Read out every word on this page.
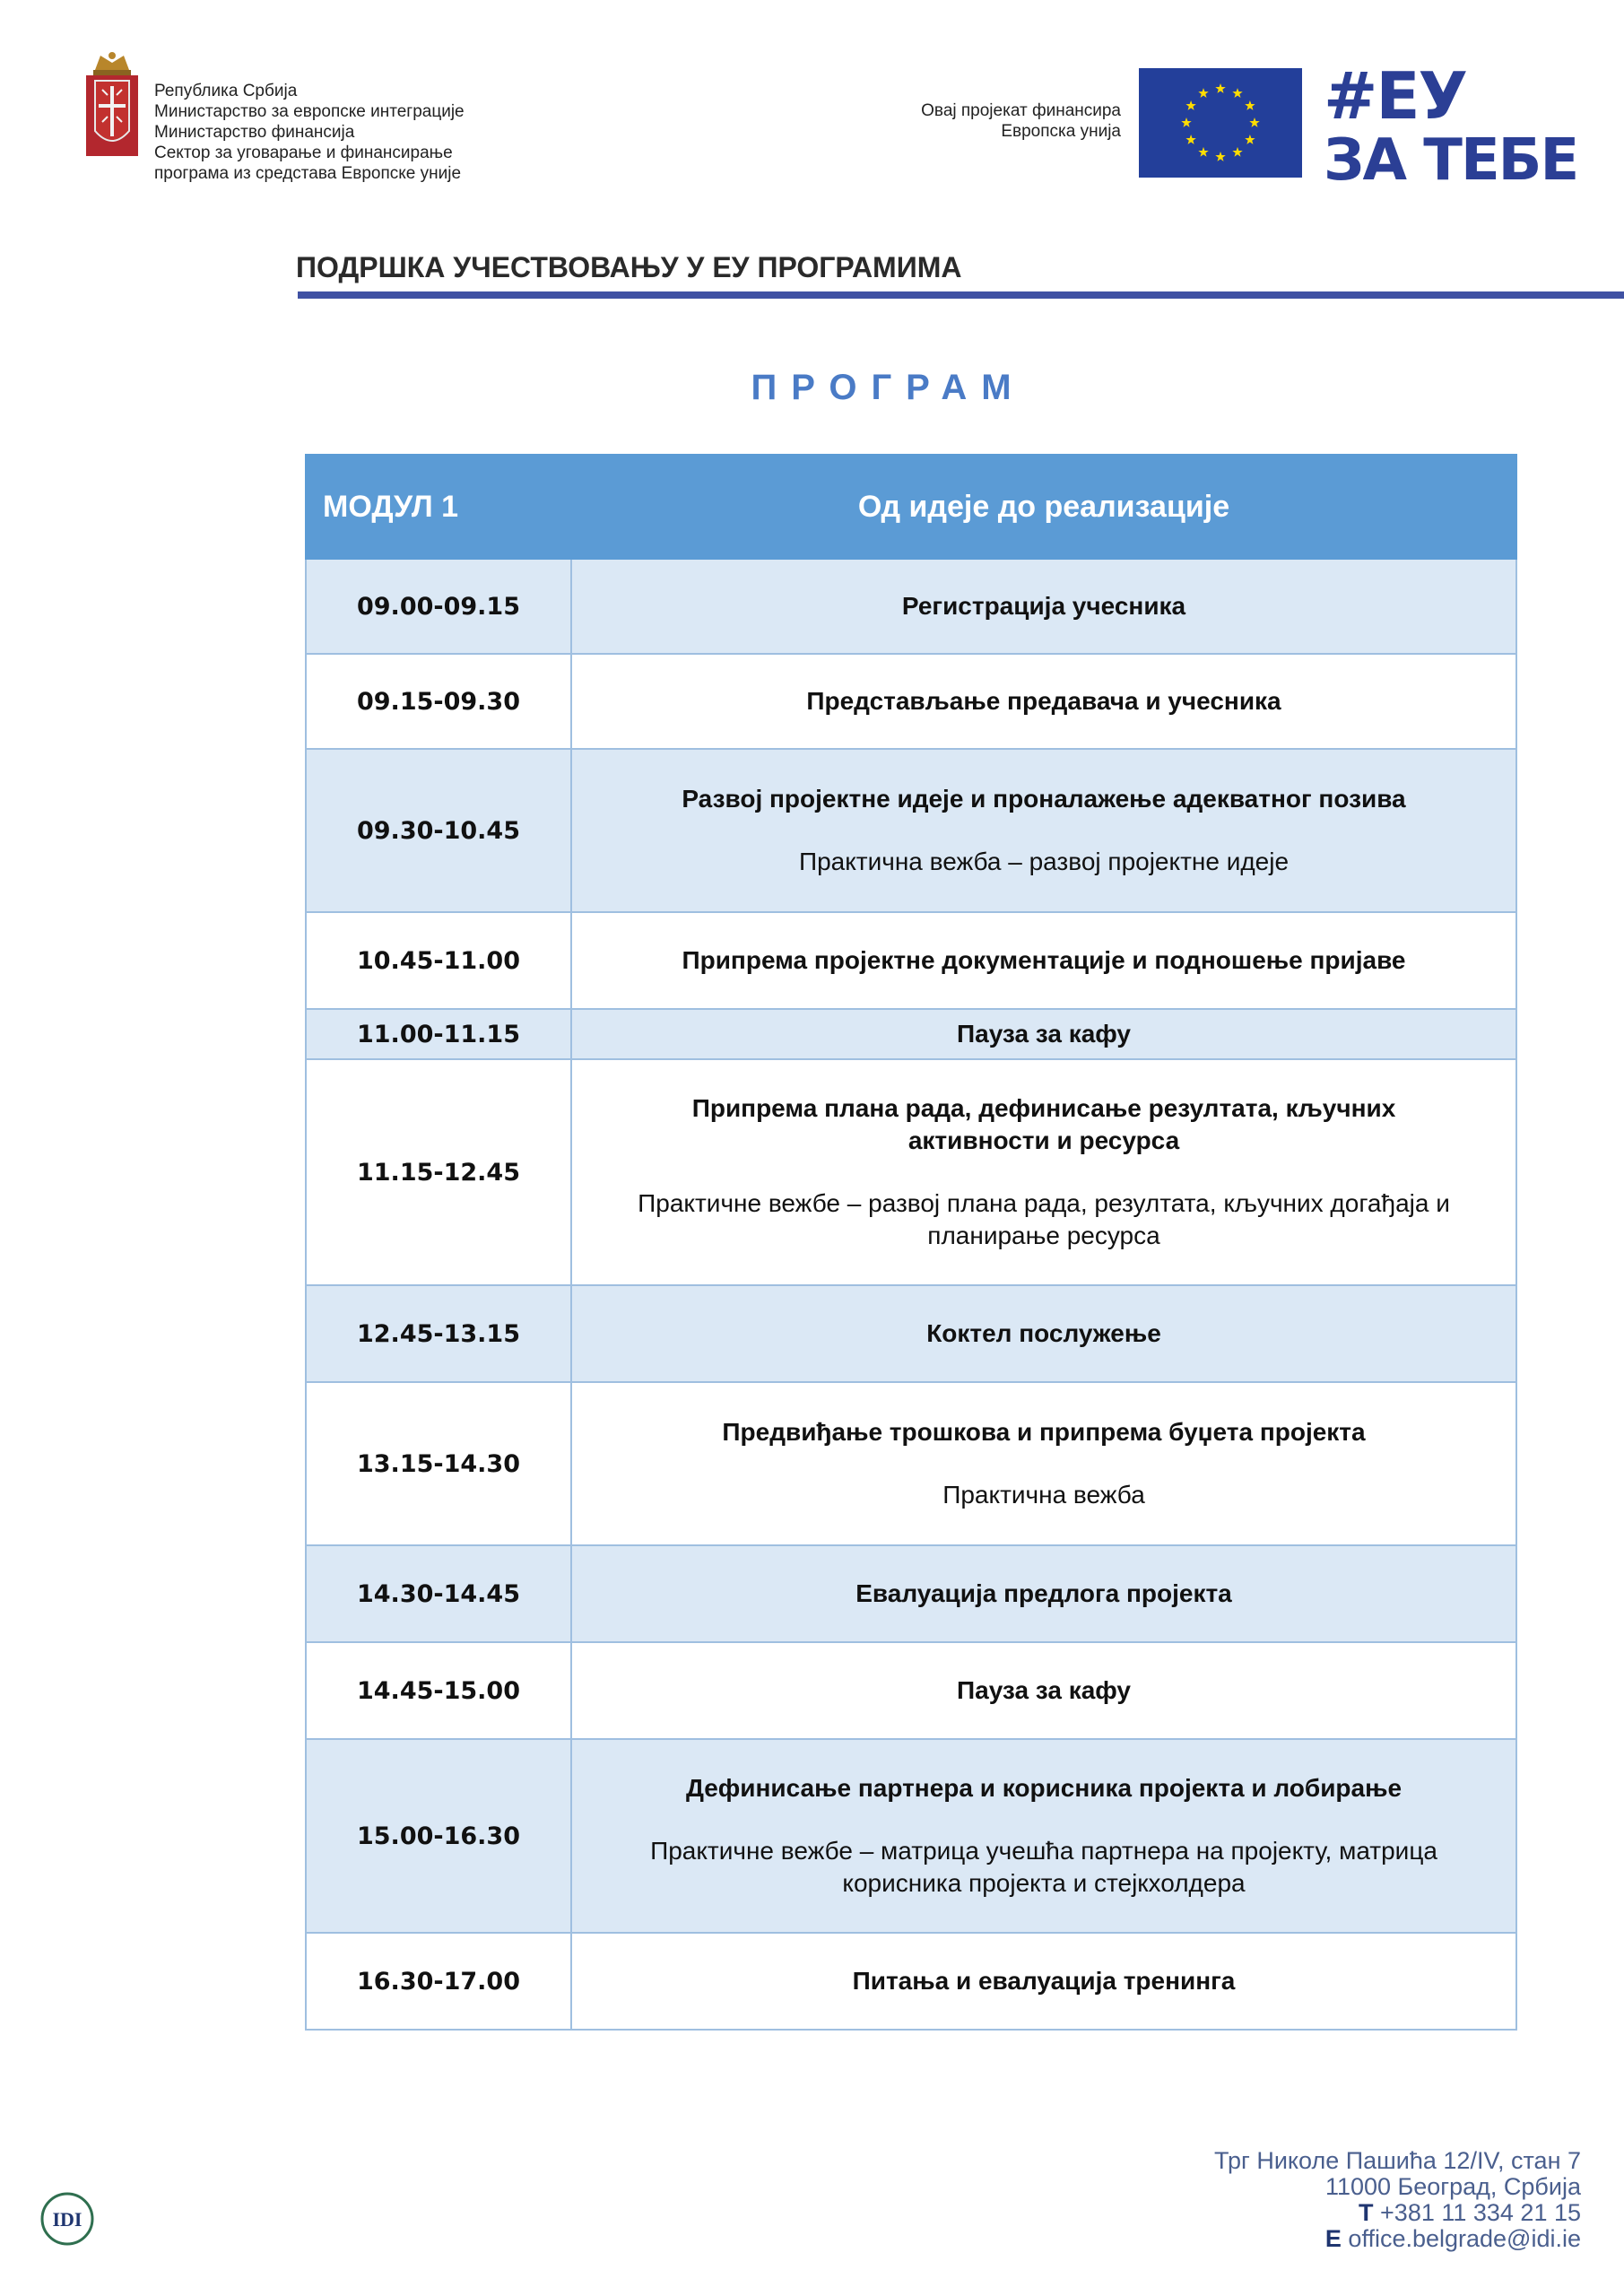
Република Србија
Министарство за европске интеграције
Министарство финансија
Сектор за уговарање и финансирање
програма из средстава Европске уније
Овај пројекат финансира
Европска унија	#ЕУ
ЗА ТЕБЕ
ПОДРШКА УЧЕСТВОВАЊУ У ЕУ ПРОГРАМИМА
ПРОГРАМ
МОДУЛ 1	Од идеје до реализације
09.00-09.15	Регистрација учесника

09.15-09.30	Представљање предавача и учесника

09.30-10.45	Развој пројектне идеје и проналажење адекватног позива
Практична вежба – развој пројектне идеје

10.45-11.00	Припрема пројектне документације и подношење пријаве

11.00-11.15	Пауза за кафу

11.15-12.45	Припрема плана рада, дефинисање резултата, кључних активности и ресурса
Практичне вежбе – развој плана рада, резултата, кључних догађаја и планирање ресурса

12.45-13.15	Коктел послужење

13.15-14.30	Предвиђање трошкова и припрема буџета пројекта
Практична вежба

14.30-14.45	Евалуација предлога пројекта

14.45-15.00	Пауза за кафу

15.00-16.30	Дефинисање партнера и корисника пројекта и лобирање
Практичне вежбе – матрица учешћа партнера на пројекту, матрица корисника пројекта и стејкхолдера

16.30-17.00	Питања и евалуација тренинга
IDI
Трг Николе Пашића 12/IV, стан 7
11000 Београд, Србија
T +381 11 334 21 15
E office.belgrade@idi.ie
